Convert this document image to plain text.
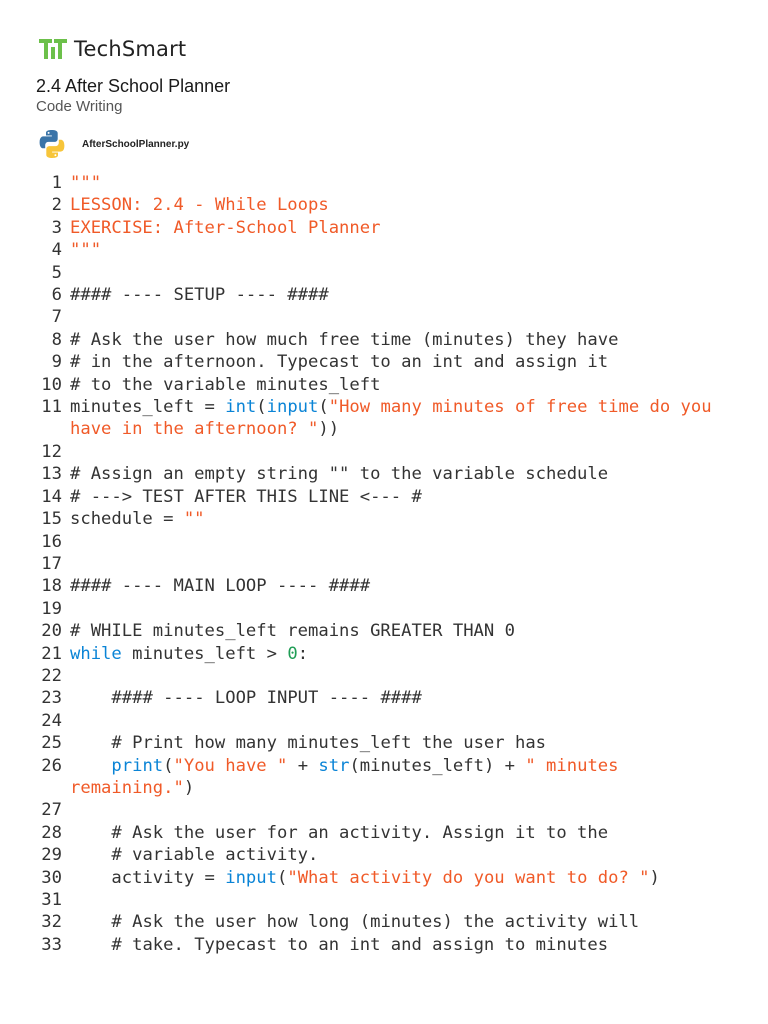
TechSmart
2.4 After School Planner
Code Writing
AfterSchoolPlanner.py
1 """
2 LESSON: 2.4 - While Loops
3 EXERCISE: After-School Planner
4 """
5

6 #### ---- SETUP ---- ####
7

8 # Ask the user how much free time (minutes) they have
9 # in the afternoon. Typecast to an int and assign it
10 # to the variable minutes_left
11 minutes_left = int(input("How many minutes of free time do you have in the afternoon? "))
12

13 # Assign an empty string "" to the variable schedule
14 # ---> TEST AFTER THIS LINE <--- #
15 schedule = ""
16

17

18 #### ---- MAIN LOOP ---- ####
19

20 # WHILE minutes_left remains GREATER THAN 0
21 while minutes_left > 0:
22

23 #### ---- LOOP INPUT ---- ####
24

25 # Print how many minutes_left the user has
26	print("You have " + str(minutes_left) + " minutes remaining.")
27

28 # Ask the user for an activity. Assign it to the
29 # variable activity.
30 activity = input("What activity do you want to do? ")
31

32 # Ask the user how long (minutes) the activity will
33 # take. Typecast to an int and assign to minutes
